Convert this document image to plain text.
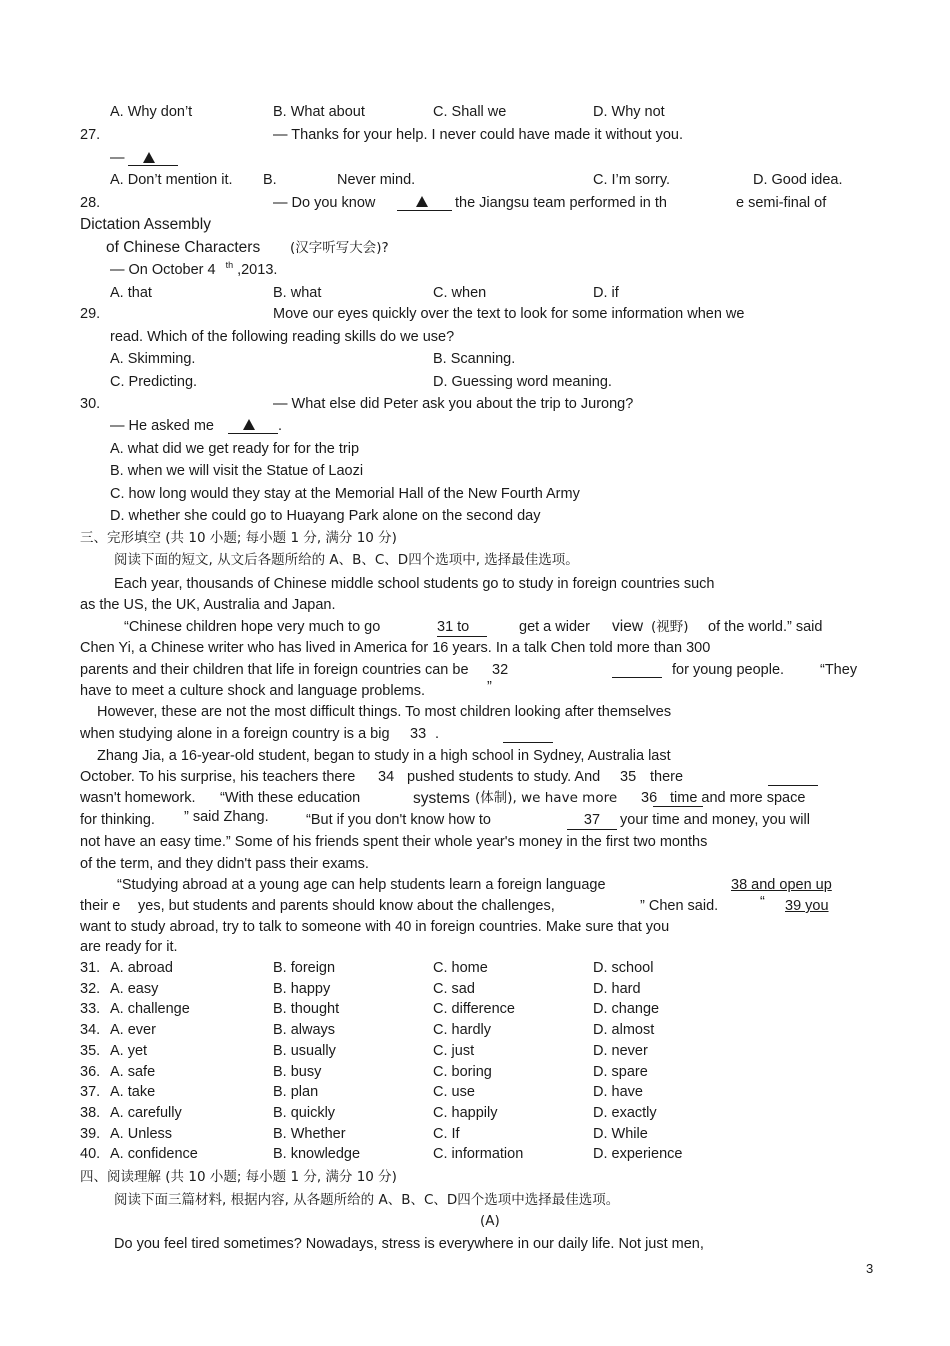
A. Why don’t	B. What about	C. Shall we	D. Why not
27.	— Thanks for your help. I never could have made it without you.
—
A. Don’t mention it. B.	Never mind.	C. I’m sorry.	D. Good idea.
28.	— Do you know	the Jiangsu team performed in th	e semi-final of
Dictation Assembly
of Chinese Characters (汉字听写大会)?
— On October 4 $^{th}$ ,2013.
A. that	B. what	C. when	D. if
29.	Move our eyes quickly over the text to look for some information when we
read. Which of the following reading skills do we use?
A. Skimming.	B. Scanning.
C. Predicting.	D. Guessing word meaning.
30.	— What else did Peter ask you about the trip to Jurong?
— He asked me	.
A. what did we get ready for for the trip
B. when we will visit the Statue of Laozi
C. how long would they stay at the Memorial Hall of the New Fourth Army
D. whether she could go to Huayang Park alone on the second day
三、完形填空 (共 10 小题; 每小题 1 分, 满分 10 分)
阅读下面的短文, 从文后各题所给的 A、B、C、D四个选项中, 选择最佳选项。
Each year, thousands of Chinese middle school students go to study in foreign countries such
as the US, the UK, Australia and Japan.
“Chinese children hope very much to go	31 to	get a wider view (视野) of the world.” said
Chen Yi, a Chinese writer who has lived in America for 16 years. In a talk Chen told more than 300
parents and their children that life in foreign countries can be 32	for young people. “They
have to meet a culture shock and language problems.	”
However, these are not the most difficult things. To most children looking after themselves
when studying alone in a foreign country is a big 33 .
Zhang Jia, a 16-year-old student, began to study in a high school in Sydney, Australia last
October. To his surprise, his teachers there 34 pushed students to study. And 35 there
wasn't homework. “With these education	systems (体制), we have more 36 time and more space
for thinking. ” said Zhang.	“But if you don't know how to	37	your time and money, you will
not have an easy time.” Some of his friends spent their whole year's money in the first two months
of the term, and they didn't pass their exams.
“Studying abroad at a young age can help students learn a foreign language	38 and open up
their e yes, but students and parents should know about the challenges,	” Chen said.	“ 39 you
want to study abroad, try to talk to someone with 40 in foreign countries. Make sure that you
are ready for it.
31. A. abroad	B. foreign	C. home	D. school
32. A. easy	B. happy	C. sad	D. hard
33. A. challenge	B. thought	C. difference	D. change
34. A. ever	B. always	C. hardly	D. almost
35. A. yet	B. usually	C. just	D. never
36. A. safe	B. busy	C. boring	D. spare
37. A. take	B. plan	C. use	D. have
38. A. carefully	B. quickly	C. happily	D. exactly
39. A. Unless	B. Whether	C. If	D. While
40. A. confidence	B. knowledge	C. information	D. experience
四、阅读理解 (共 10 小题; 每小题 1 分, 满分 10 分)
阅读下面三篇材料, 根据内容, 从各题所给的 A、B、C、D四个选项中选择最佳选项。
(A)
Do you feel tired sometimes? Nowadays, stress is everywhere in our daily life. Not just men,
3
